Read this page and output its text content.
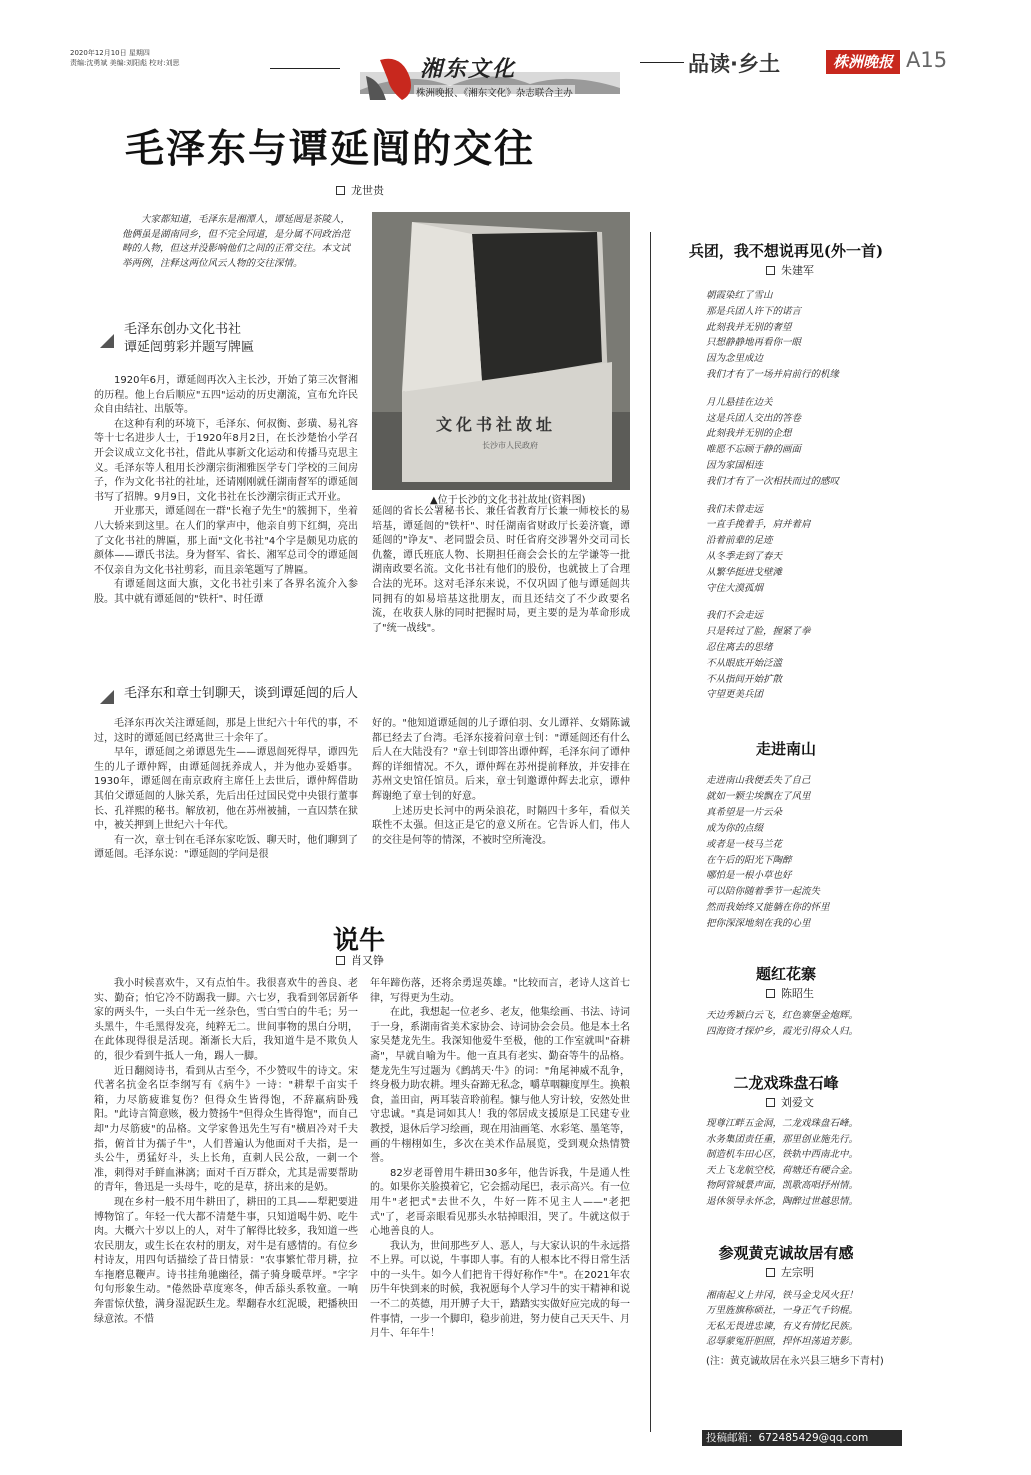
2020年12月10日 星期四
责编:沈勇斌 美编:刘阳彪 校对:刘思	湘东文化
株洲晚报、《湘东文化》杂志联合主办
品读·乡土	株洲晚报 A15
毛泽东与谭延闿的交往
龙世贵
大家都知道，毛泽东是湘潭人，谭延闿是茶陵人，他俩虽是湖南同乡，但不完全同道，是分属不同政治范畴的人物，但这并没影响他们之间的正常交往。本文试举两例，注释这两位风云人物的交往深情。
毛泽东创办文化书社
谭延闿剪彩并题写牌匾

1920年6月，谭延闿再次入主长沙，开始了第三次督湘的历程。他上台后顺应"五四"运动的历史潮流，宣布允许民众自由结社、出版等。

在这种有利的环境下，毛泽东、何叔衡、彭璜、易礼容等十七名进步人士，于1920年8月2日，在长沙楚怡小学召开会议成立文化书社，借此从事新文化运动和传播马克思主义。毛泽东等人租用长沙潮宗街湘雅医学专门学校的三间房子，作为文化书社的社址，还请刚刚就任湖南督军的谭延闿书写了招牌。9月9日，文化书社在长沙潮宗街正式开业。

开业那天，谭延闿在一群"长袍子先生"的簇拥下，坐着八大轿来到这里。在人们的掌声中，他亲自剪下红绸，亮出了文化书社的牌匾，那上面"文化书社"4个字是颇见功底的颜体——谭氏书法。身为督军、省长、湘军总司令的谭延闿不仅亲自为文化书社剪彩，而且亲笔题写了牌匾。

有谭延闿这面大旗，文化书社引来了各界名流介入参股。其中就有谭延闿的"铁杆"、时任谭

文化书社故址
长沙市人民政府
▲位于长沙的文化书社故址(资料图)
延闿的省长公署秘书长、兼任省教育厅长兼一师校长的易培基，谭延闿的"铁杆"、时任湖南省财政厅长姜济寰，谭延闿的"诤友"、老同盟会员、时任省府交涉署外交司司长仇鳌，谭氏班底人物、长期担任商会会长的左学谦等一批湖南政要名流。文化书社有他们的股份，也就披上了合理合法的光环。这对毛泽东来说，不仅巩固了他与谭延闿共同拥有的如易培基这批朋友，而且还结交了不少政要名流，在收获人脉的同时把握时局，更主要的是为革命形成了"统一战线"。
毛泽东和章士钊聊天，谈到谭延闿的后人

毛泽东再次关注谭延闿，那是上世纪六十年代的事，不过，这时的谭延闿已经离世三十余年了。

早年，谭延闿之弟谭恩先生——谭恩闿死得早，谭四先生的儿子谭仲辉，由谭延闿抚养成人，并为他办妥婚事。1930年，谭延闿在南京政府主席任上去世后，谭仲辉借助其伯父谭延闿的人脉关系，先后出任过国民党中央银行董事长、孔祥熙的秘书。解放初，他在苏州被捕，一直囚禁在狱中，被关押到上世纪六十年代。

有一次，章士钊在毛泽东家吃饭、聊天时，他们聊到了谭延闿。毛泽东说："谭延闿的学问是很

好的。"他知道谭延闿的儿子谭伯羽、女儿谭祥、女婿陈诚都已经去了台湾。毛泽东接着问章士钊："谭延闿还有什么后人在大陆没有？"章士钊即答出谭仲辉，毛泽东问了谭仲辉的详细情况。不久，谭仲辉在苏州提前释放，并安排在苏州文史馆任馆员。后来，章士钊邀谭仲辉去北京，谭仲辉谢绝了章士钊的好意。

上述历史长河中的两朵浪花，时隔四十多年，看似关联性不太强。但这正是它的意义所在。它告诉人们，伟人的交往是何等的情深，不被时空所淹没。

说牛
肖又铮

我小时候喜欢牛，又有点怕牛。我很喜欢牛的善良、老实、勤奋；怕它冷不防踢我一脚。六七岁，我看到邻居新华家的两头牛，一头白牛无一丝杂色，雪白雪白的牛毛；另一头黑牛，牛毛黑得发亮，纯粹无二。世间事物的黑白分明，在此体现得很是活现。渐渐长大后，我知道牛是不欺负人的，很少看到牛抵人一角，踢人一脚。

近日翻阅诗书，看到从古至今，不少赞叹牛的诗文。宋代著名抗金名臣李纲写有《病牛》一诗："耕犁千亩实千箱，力尽筋疲谁复伤？但得众生皆得饱，不辞羸病卧残阳。"此诗言简意赅，极力赞扬牛"但得众生皆得饱"，而自己却"力尽筋疲"的品格。文学家鲁迅先生写有"横眉冷对千夫指，俯首甘为孺子牛"，人们普遍认为他面对千夫指，是一头公牛，勇猛好斗，头上长角，直刺人民公敌，一刺一个准，刺得对手鲜血淋漓；面对千百万群众，尤其是需要帮助的青年，鲁迅是一头母牛，吃的是草，挤出来的是奶。

现在乡村一般不用牛耕田了，耕田的工具——犁耙要进博物馆了。年轻一代大都不清楚牛事，只知道喝牛奶、吃牛肉。大概六十岁以上的人，对牛了解得比较多，我知道一些农民朋友，或生长在农村的朋友，对牛是有感情的。有位乡村诗友，用四句话描绘了昔日情景："农事繁忙带月耕，拉车拖磨息鞭声。诗书挂角驰幽径，孺子骑身暖草坪。"字字句句形象生动。"倦然卧草度寒冬，伸舌舔头系牧童。一响奔雷惊伏蛰，满身湿泥跃生龙。犁翻春水红泥暖，耙播秧田绿意浓。不惜

年年蹄伤落，还将余勇逞英雄。"比较而言，老诗人这首七律，写得更为生动。

在此，我想起一位老乡、老友，他集绘画、书法、诗词于一身，系湖南省美术家协会、诗词协会会员。他是本土名家吴楚龙先生。我深知他爱牛至极，他的工作室就叫"奋耕斋"，早就自喻为牛。他一直具有老实、勤奋等牛的品格。楚龙先生写过题为《鹧鸪天·牛》的词："角尾神威不乱争，终身极力助农耕。埋头奋蹄无私念，嚼草咽糠度厚生。换粮食，盖田亩，两耳装音聆前程。慷与他人穷计较，安然处世守忠诚。"真是词如其人！我的邻居成支援原是工民建专业教授，退休后学习绘画，现在用油画笔、水彩笔、墨笔等，画的牛栩栩如生，多次在美术作品展览，受到观众热情赞誉。

82岁老哥曾用牛耕田30多年，他告诉我，牛是通人性的。如果你关脸摸着它，它会摇动尾巴，表示高兴。有一位用牛"老把式"去世不久，牛好一阵不见主人——"老把式"了，老哥亲眼看见那头水牯掉眼泪，哭了。牛就这似于心地善良的人。

我认为，世间那些歹人、恶人，与大家认识的牛永远搭不上界。可以说，牛事即人事。有的人根本比不得日常生活中的一头牛。如今人们把肯干得好称作"牛"。在2021年农历牛年快到来的时候，我祝愿每个人学习牛的实干精神和说一不二的英德，用开膊子大干，踏踏实实做好应完成的每一件事情，一步一个脚印，稳步前进，努力使自己天天牛、月月牛、年年牛！

兵团，我不想说再见(外一首)
朱建军
朝霞染红了雪山
那是兵团人许下的诺言
此刻我并无别的奢望
只想静静地再看你一眼
因为念里成边
我们才有了一场并肩前行的机缘
月儿悬挂在边关
这是兵团人交出的答卷
此刻我并无别的企想
唯愿不忘顾于静的画面
因为家国相连
我们才有了一次相扶而过的感叹
我们未曾走远
一直手挽着手，肩并着肩
沿着前辈的足迹
从冬季走到了春天
从繁华挺进戈壁滩
守住大漠孤烟
我们不会走远
只是转过了脸，握紧了拳
忍住离去的思绪
不从眼底开始泛滥
不从指间开始扩散
守望更美兵团
走进南山
走进南山我便丢失了自己
就如一颗尘埃飘在了风里
真希望是一片云朵
成为你的点缀
或者是一枝马兰花
在午后的阳光下陶醉
哪怕是一根小草也好
可以陪你随着季节一起流失
然而我始终又能躺在你的怀里
把你深深地刻在我的心里
题红花寨
陈昭生
天边秀颖白云飞，红色寨堡金炮辉。
四海资才探炉乡，霞光引得众人归。
二龙戏珠盘石峰
刘爱文
现尊江畔五金洞，二龙戏珠盘石峰。
水务集团责任重，那里创业施先行。
制造机车田心区，铁轨中西南北中。
天上飞龙航空校，荷塘还有硬合金。
物阿管城景声面，凯歌高唱抒州情。
退休领导永怀念，陶醉过世越思情。
参观黄克诚故居有感
左宗明
湘南起义上井冈，铁马金戈风火狂！
万里旌旗称硕社，一身正气千钧棍。
无私无畏进忠谏，有义有情忆民族。
忍辱蒙冤肝胆照，捍怀坦荡追芳影。
(注：黄克诚故居在永兴县三塘乡下青村)
投稿邮箱：672485429@qq.com
